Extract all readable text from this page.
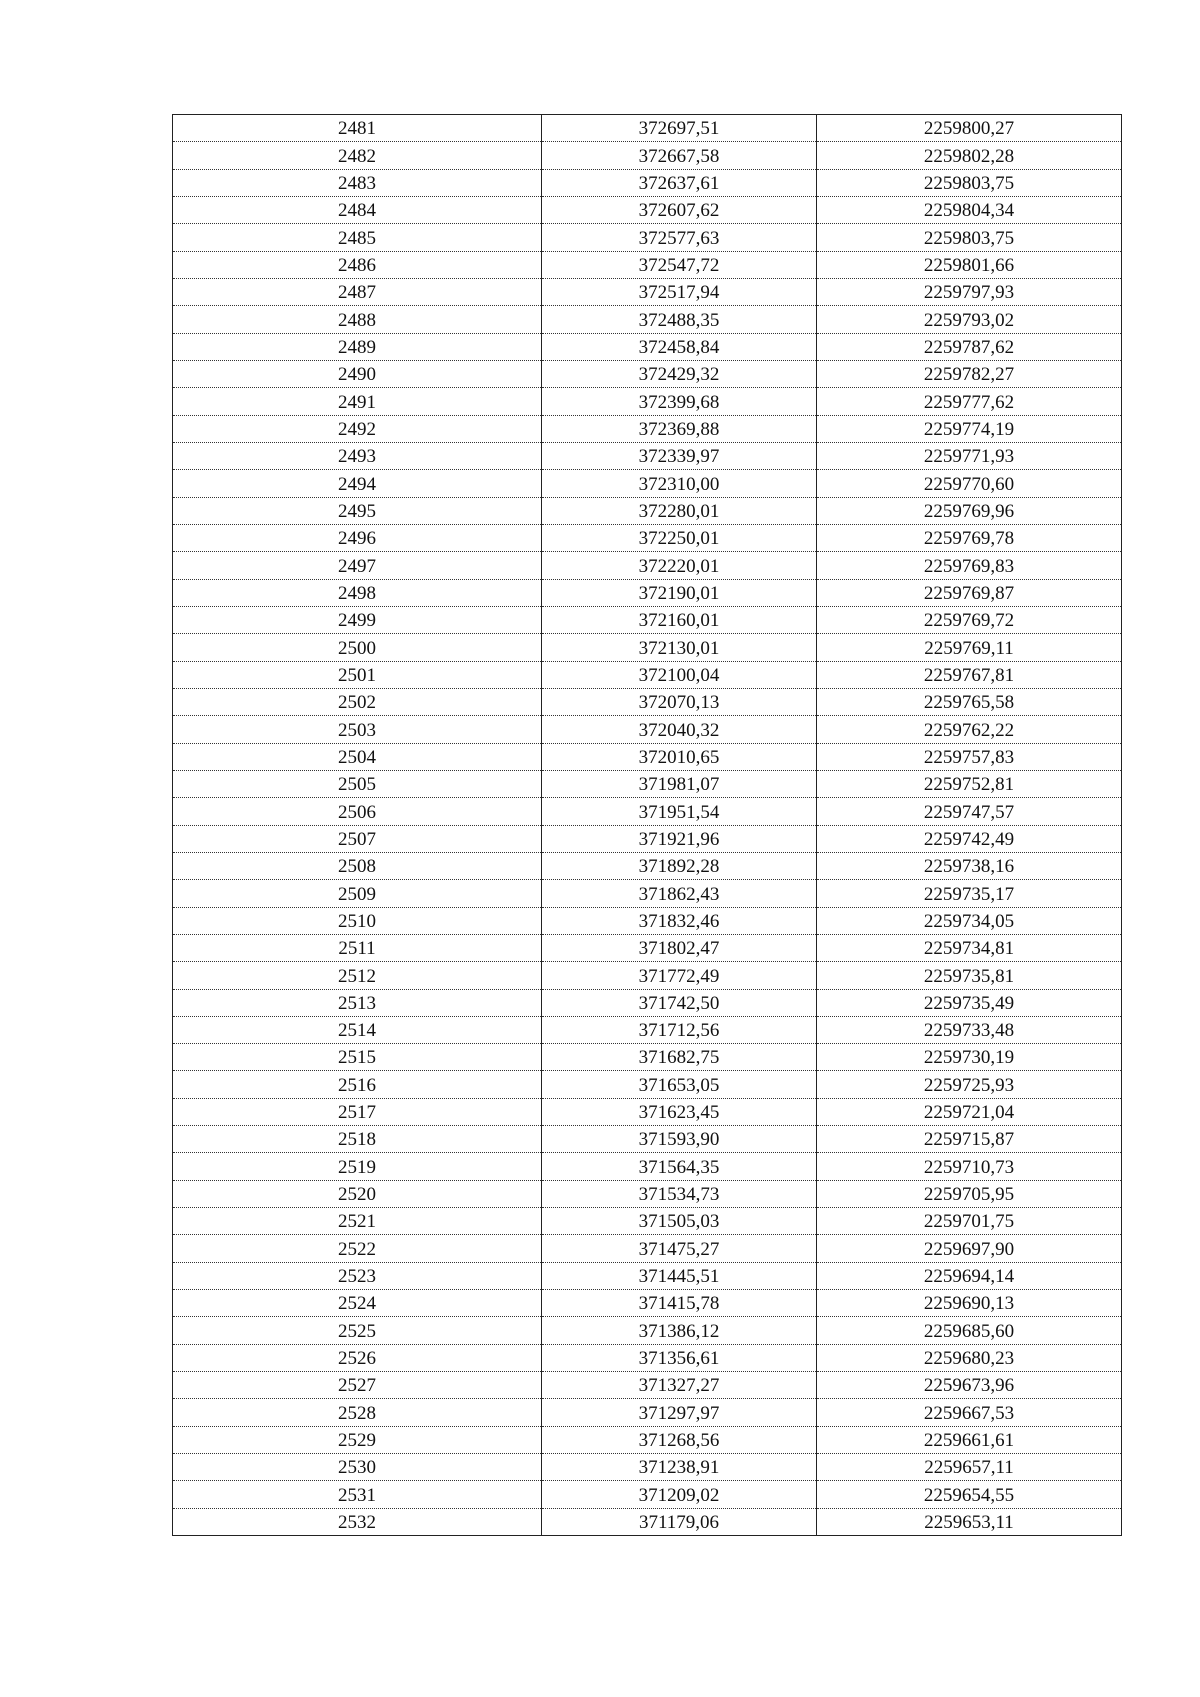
2481	372697,51	2259800,27
2482	372667,58	2259802,28
2483	372637,61	2259803,75
2484	372607,62	2259804,34
2485	372577,63	2259803,75
2486	372547,72	2259801,66
2487	372517,94	2259797,93
2488	372488,35	2259793,02
2489	372458,84	2259787,62
2490	372429,32	2259782,27
2491	372399,68	2259777,62
2492	372369,88	2259774,19
2493	372339,97	2259771,93
2494	372310,00	2259770,60
2495	372280,01	2259769,96
2496	372250,01	2259769,78
2497	372220,01	2259769,83
2498	372190,01	2259769,87
2499	372160,01	2259769,72
2500	372130,01	2259769,11
2501	372100,04	2259767,81
2502	372070,13	2259765,58
2503	372040,32	2259762,22
2504	372010,65	2259757,83
2505	371981,07	2259752,81
2506	371951,54	2259747,57
2507	371921,96	2259742,49
2508	371892,28	2259738,16
2509	371862,43	2259735,17
2510	371832,46	2259734,05
2511	371802,47	2259734,81
2512	371772,49	2259735,81
2513	371742,50	2259735,49
2514	371712,56	2259733,48
2515	371682,75	2259730,19
2516	371653,05	2259725,93
2517	371623,45	2259721,04
2518	371593,90	2259715,87
2519	371564,35	2259710,73
2520	371534,73	2259705,95
2521	371505,03	2259701,75
2522	371475,27	2259697,90
2523	371445,51	2259694,14
2524	371415,78	2259690,13
2525	371386,12	2259685,60
2526	371356,61	2259680,23
2527	371327,27	2259673,96
2528	371297,97	2259667,53
2529	371268,56	2259661,61
2530	371238,91	2259657,11
2531	371209,02	2259654,55
2532	371179,06	2259653,11
